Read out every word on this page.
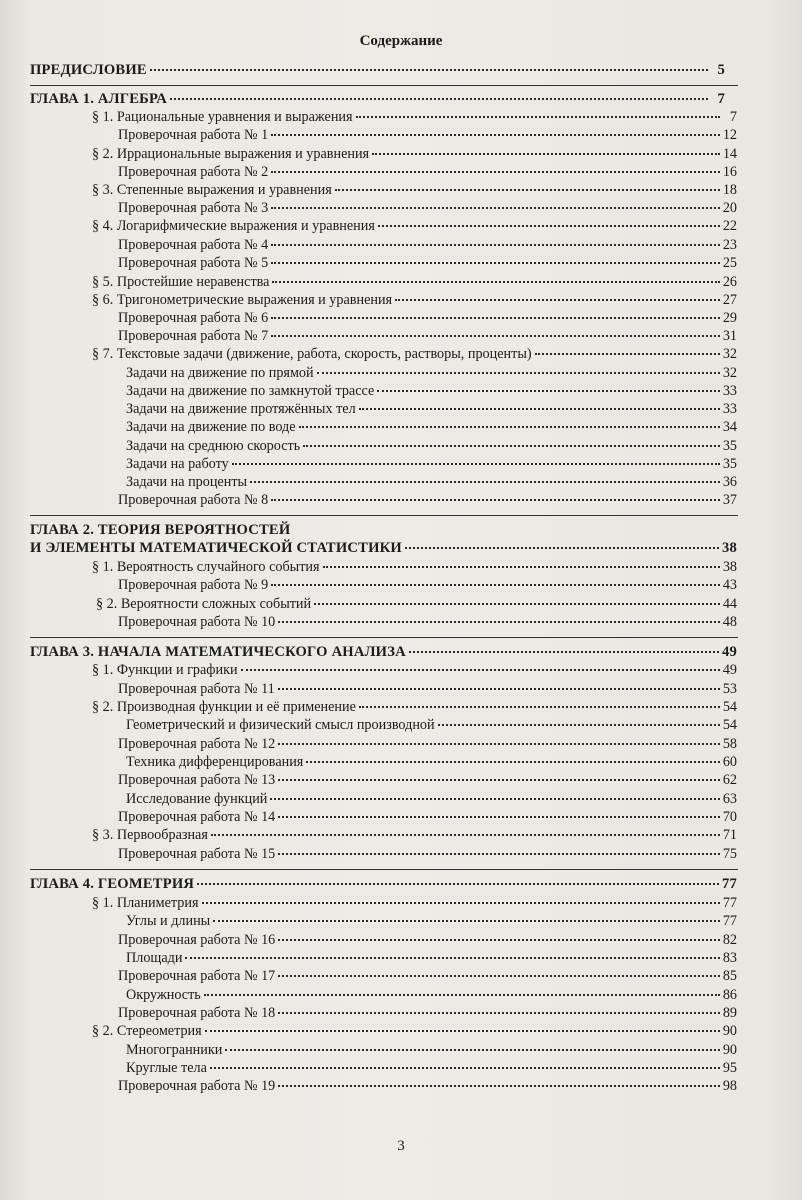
Содержание
ПРЕДИСЛОВИЕ	5
ГЛАВА 1. АЛГЕБРА	7
§ 1. Рациональные уравнения и выражения	7
Проверочная работа № 1	12
§ 2. Иррациональные выражения и уравнения	14
Проверочная работа № 2	16
§ 3. Степенные выражения и уравнения	18
Проверочная работа № 3	20
§ 4. Логарифмические выражения и уравнения	22
Проверочная работа № 4	23
Проверочная работа № 5	25
§ 5. Простейшие неравенства	26
§ 6. Тригонометрические выражения и уравнения	27
Проверочная работа № 6	29
Проверочная работа № 7	31
§ 7. Текстовые задачи (движение, работа, скорость, растворы, проценты)	32
Задачи на движение по прямой	32
Задачи на движение по замкнутой трассе	33
Задачи на движение протяжённых тел	33
Задачи на движение по воде	34
Задачи на среднюю скорость	35
Задачи на работу	35
Задачи на проценты	36
Проверочная работа № 8	37
ГЛАВА 2. ТЕОРИЯ ВЕРОЯТНОСТЕЙ
И ЭЛЕМЕНТЫ МАТЕМАТИЧЕСКОЙ СТАТИСТИКИ	38
§ 1. Вероятность случайного события	38
Проверочная работа № 9	43
§ 2. Вероятности сложных событий	44
Проверочная работа № 10	48
ГЛАВА 3. НАЧАЛА МАТЕМАТИЧЕСКОГО АНАЛИЗА	49
§ 1. Функции и графики	49
Проверочная работа № 11	53
§ 2. Производная функции и её применение	54
Геометрический и физический смысл производной	54
Проверочная работа № 12	58
Техника дифференцирования	60
Проверочная работа № 13	62
Исследование функций	63
Проверочная работа № 14	70
§ 3. Первообразная	71
Проверочная работа № 15	75
ГЛАВА 4. ГЕОМЕТРИЯ	77
§ 1. Планиметрия	77
Углы и длины	77
Проверочная работа № 16	82
Площади	83
Проверочная работа № 17	85
Окружность	86
Проверочная работа № 18	89
§ 2. Стереометрия	90
Многогранники	90
Круглые тела	95
Проверочная работа № 19	98
3
